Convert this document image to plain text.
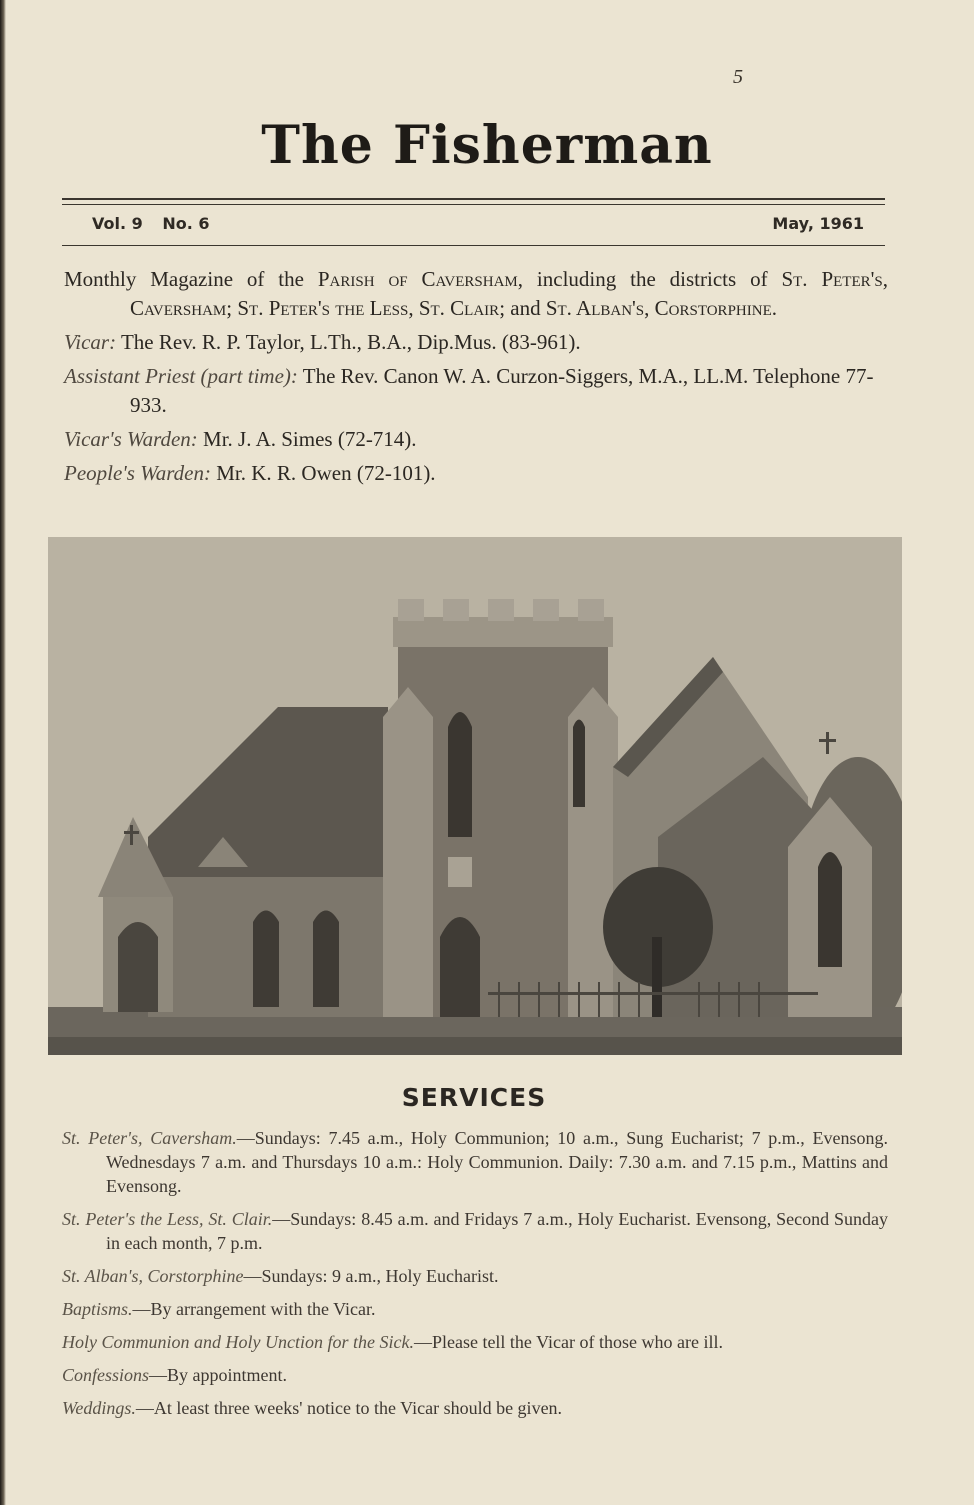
5
The Fisherman
Vol. 9 No. 6	May, 1961

Monthly Magazine of the Parish of Caversham, including the districts of St. Peter's, Caversham; St. Peter's the Less, St. Clair; and St. Alban's, Corstorphine.

Vicar: The Rev. R. P. Taylor, L.Th., B.A., Dip.Mus. (83-961).

Assistant Priest (part time): The Rev. Canon W. A. Curzon-Siggers, M.A., LL.M. Telephone 77-933.

Vicar's Warden: Mr. J. A. Simes (72-714).

People's Warden: Mr. K. R. Owen (72-101).

SERVICES

St. Peter's, Caversham.—Sundays: 7.45 a.m., Holy Communion; 10 a.m., Sung Eucharist; 7 p.m., Evensong. Wednesdays 7 a.m. and Thursdays 10 a.m.: Holy Communion. Daily: 7.30 a.m. and 7.15 p.m., Mattins and Evensong.

St. Peter's the Less, St. Clair.—Sundays: 8.45 a.m. and Fridays 7 a.m., Holy Eucharist. Evensong, Second Sunday in each month, 7 p.m.

St. Alban's, Corstorphine—Sundays: 9 a.m., Holy Eucharist.

Baptisms.—By arrangement with the Vicar.

Holy Communion and Holy Unction for the Sick.—Please tell the Vicar of those who are ill.

Confessions—By appointment.

Weddings.—At least three weeks' notice to the Vicar should be given.
